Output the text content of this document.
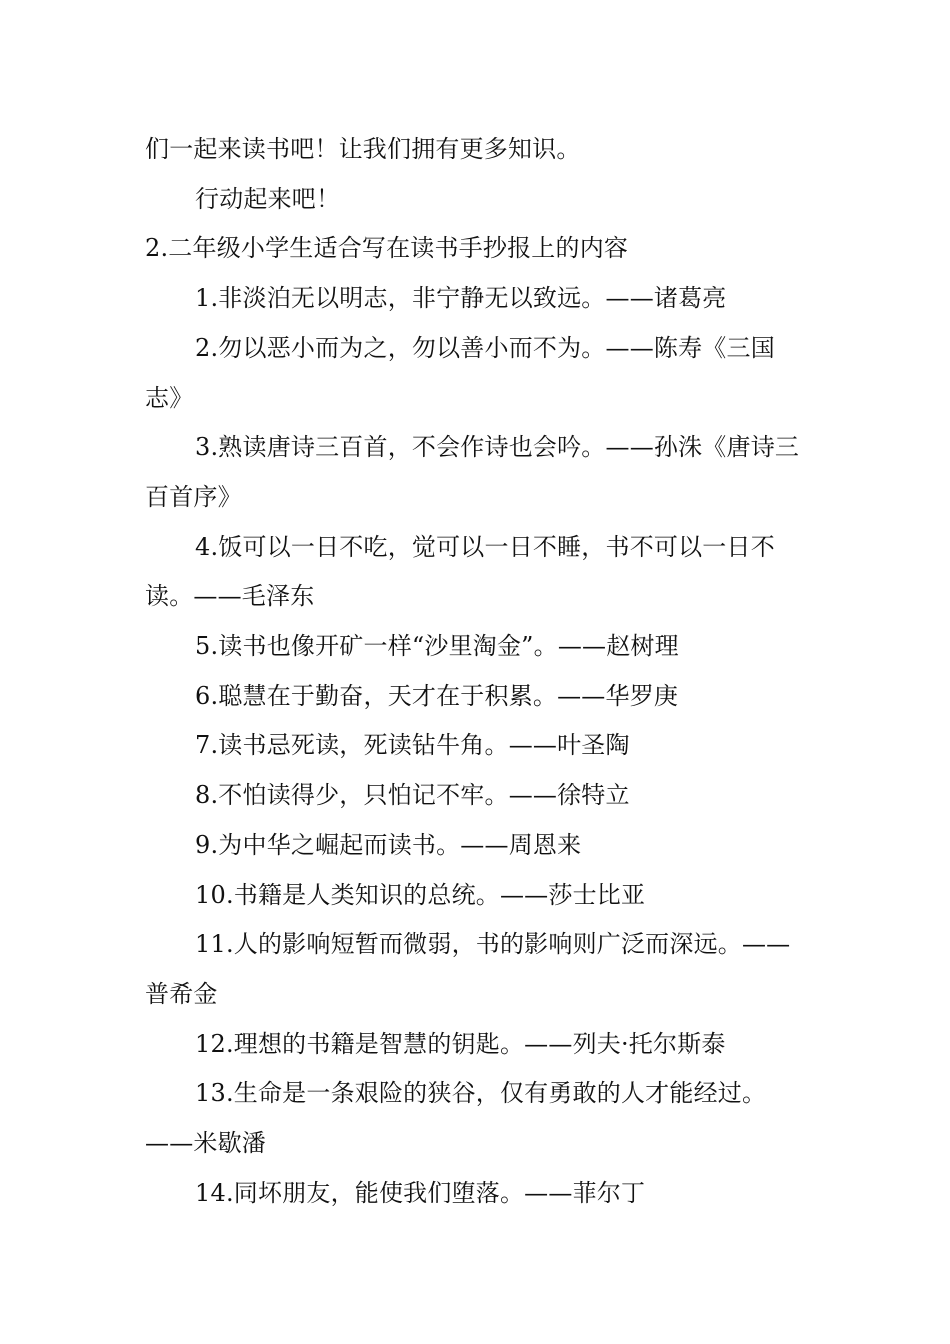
们一起来读书吧！让我们拥有更多知识。

行动起来吧！

2.二年级小学生适合写在读书手抄报上的内容

1.非淡泊无以明志，非宁静无以致远。——诸葛亮

2.勿以恶小而为之，勿以善小而不为。——陈寿《三国志》

3.熟读唐诗三百首，不会作诗也会吟。——孙洙《唐诗三百首序》

4.饭可以一日不吃，觉可以一日不睡，书不可以一日不读。——毛泽东

5.读书也像开矿一样“沙里淘金”。——赵树理

6.聪慧在于勤奋，天才在于积累。——华罗庚

7.读书忌死读，死读钻牛角。——叶圣陶

8.不怕读得少，只怕记不牢。——徐特立

9.为中华之崛起而读书。——周恩来

10.书籍是人类知识的总统。——莎士比亚

11.人的影响短暂而微弱，书的影响则广泛而深远。——普希金

12.理想的书籍是智慧的钥匙。——列夫·托尔斯泰

13.生命是一条艰险的狭谷，仅有勇敢的人才能经过。——米歇潘

14.同坏朋友，能使我们堕落。——菲尔丁
